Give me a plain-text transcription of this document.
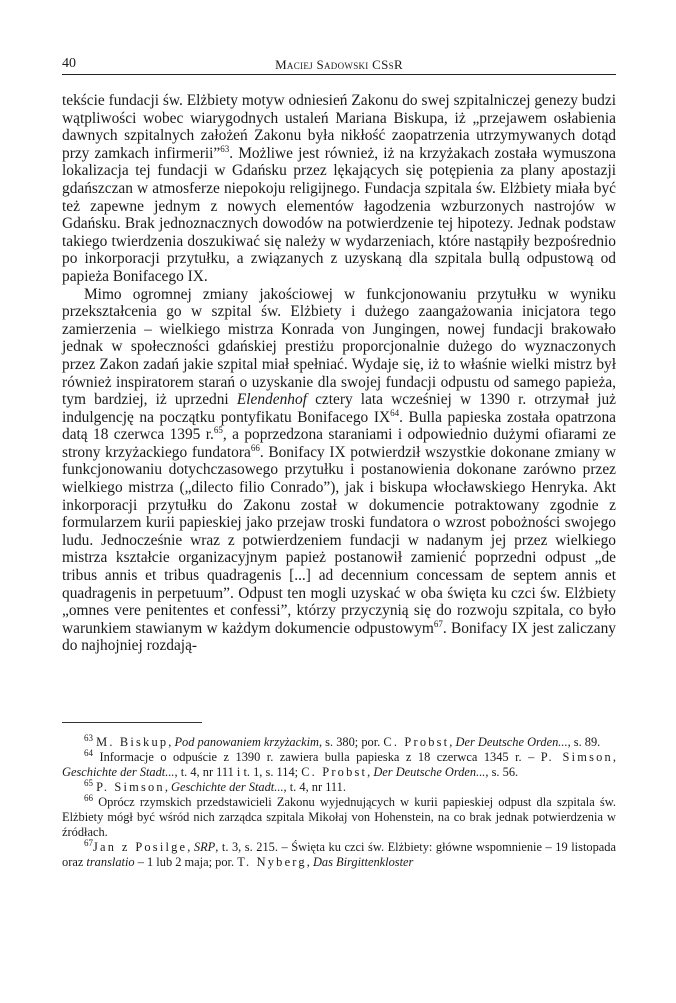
40	Maciej Sadowski CSsR

tekście fundacji św. Elżbiety motyw odniesień Zakonu do swej szpitalniczej genezy budzi wątpliwości wobec wiarygodnych ustaleń Mariana Biskupa, iż „przejawem osłabienia dawnych szpitalnych założeń Zakonu była nikłość zaopatrzenia utrzymywanych dotąd przy zamkach infirmerii”$^{63}$. Możliwe jest również, iż na krzyżakach została wymuszona lokalizacja tej fundacji w Gdańsku przez lękających się potępienia za plany apostazji gdańszczan w atmosferze niepokoju religijnego. Fundacja szpitala św. Elżbiety miała być też zapewne jednym z nowych elementów łagodzenia wzburzonych nastrojów w Gdańsku. Brak jednoznacznych dowodów na potwierdzenie tej hipotezy. Jednak podstaw takiego twierdzenia doszukiwać się należy w wydarzeniach, które nastąpiły bezpośrednio po inkorporacji przytułku, a związanych z uzyskaną dla szpitala bullą odpustową od papieża Bonifacego IX.

Mimo ogromnej zmiany jakościowej w funkcjonowaniu przytułku w wyniku przekształcenia go w szpital św. Elżbiety i dużego zaangażowania inicjatora tego zamierzenia – wielkiego mistrza Konrada von Jungingen, nowej fundacji brakowało jednak w społeczności gdańskiej prestiżu proporcjonalnie dużego do wyznaczonych przez Zakon zadań jakie szpital miał spełniać. Wydaje się, iż to właśnie wielki mistrz był również inspiratorem starań o uzyskanie dla swojej fundacji odpustu od samego papieża, tym bardziej, iż uprzedni Elendenhof cztery lata wcześniej w 1390 r. otrzymał już indulgencję na początku pontyfikatu Bonifacego IX$^{64}$. Bulla papieska została opatrzona datą 18 czerwca 1395 r.$^{65}$, a poprzedzona staraniami i odpowiednio dużymi ofiarami ze strony krzyżackiego fundatora$^{66}$. Bonifacy IX potwierdził wszystkie dokonane zmiany w funkcjonowaniu dotychczasowego przytułku i postanowienia dokonane zarówno przez wielkiego mistrza („dilecto filio Conrado”), jak i biskupa włocławskiego Henryka. Akt inkorporacji przytułku do Zakonu został w dokumencie potraktowany zgodnie z formularzem kurii papieskiej jako przejaw troski fundatora o wzrost pobożności swojego ludu. Jednocześnie wraz z potwierdzeniem fundacji w nadanym jej przez wielkiego mistrza kształcie organizacyjnym papież postanowił zamienić poprzedni odpust „de tribus annis et tribus quadragenis [...] ad decennium concessam de septem annis et quadragenis in perpetuum”. Odpust ten mogli uzyskać w oba święta ku czci św. Elżbiety „omnes vere penitentes et confessi”, którzy przyczynią się do rozwoju szpitala, co było warunkiem stawianym w każdym dokumencie odpustowym$^{67}$. Bonifacy IX jest zaliczany do najhojniej rozdają-

$^{63}$ M. Biskup, Pod panowaniem krzyżackim, s. 380; por. C. Probst, Der Deutsche Orden..., s. 89.

$^{64}$ Informacje o odpuście z 1390 r. zawiera bulla papieska z 18 czerwca 1345 r. – P. Simson, Geschichte der Stadt..., t. 4, nr 111 i t. 1, s. 114; C. Probst, Der Deutsche Orden..., s. 56.

$^{65}$ P. Simson, Geschichte der Stadt..., t. 4, nr 111.

$^{66}$ Oprócz rzymskich przedstawicieli Zakonu wyjednujących w kurii papieskiej odpust dla szpitala św. Elżbiety mógł być wśród nich zarządca szpitala Mikołaj von Hohenstein, na co brak jednak potwierdzenia w źródłach.

$^{67}$Jan z Posilge, SRP, t. 3, s. 215. – Święta ku czci św. Elżbiety: główne wspomnienie – 19 listopada oraz translatio – 1 lub 2 maja; por. T. Nyberg, Das Birgittenkloster
